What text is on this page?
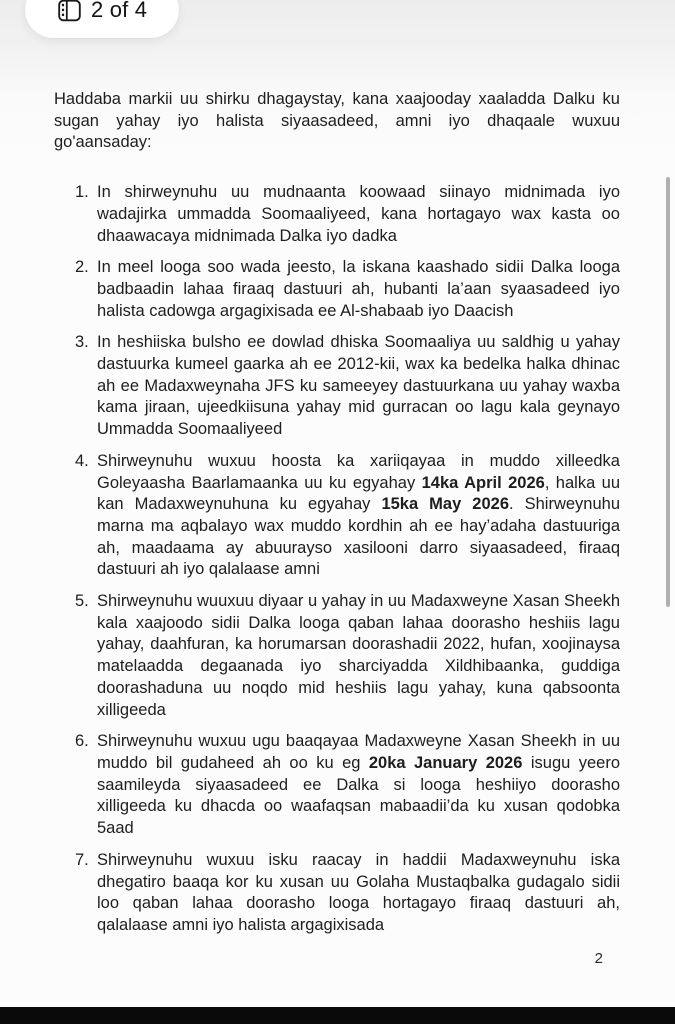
2 of 4

Haddaba markii uu shirku dhagaystay, kana xaajooday xaaladda Dalku ku sugan yahay iyo halista siyaasadeed, amni iyo dhaqaale wuxuu go'aansaday:

1. In shirweynuhu uu mudnaanta koowaad siinayo midnimada iyo wadajirka ummadda Soomaaliyeed, kana hortagayo wax kasta oo dhaawacaya midnimada Dalka iyo dadka
2. In meel looga soo wada jeesto, la iskana kaashado sidii Dalka looga badbaadin lahaa firaaq dastuuri ah, hubanti la’aan syaasadeed iyo halista cadowga argagixisada ee Al-shabaab iyo Daacish
3. In heshiiska bulsho ee dowlad dhiska Soomaaliya uu saldhig u yahay dastuurka kumeel gaarka ah ee 2012-kii, wax ka bedelka halka dhinac ah ee Madaxweynaha JFS ku sameeyey dastuurkana uu yahay waxba kama jiraan, ujeedkiisuna yahay mid gurracan oo lagu kala geynayo Ummadda Soomaaliyeed
4. Shirweynuhu wuxuu hoosta ka xariiqayaa in muddo xilleedka Goleyaasha Baarlamaanka uu ku egyahay 14ka April 2026, halka uu kan Madaxweynuhuna ku egyahay 15ka May 2026. Shirweynuhu marna ma aqbalayo wax muddo kordhin ah ee hay’adaha dastuuriga ah, maadaama ay abuurayso xasilooni darro siyaasadeed, firaaq dastuuri ah iyo qalalaase amni
5. Shirweynuhu wuuxuu diyaar u yahay in uu Madaxweyne Xasan Sheekh kala xaajoodo sidii Dalka looga qaban lahaa doorasho heshiis lagu yahay, daahfuran, ka horumarsan doorashadii 2022, hufan, xoojinaysa matelaadda degaanada iyo sharciyadda Xildhibaanka, guddiga doorashaduna uu noqdo mid heshiis lagu yahay, kuna qabsoonta xilligeeda
6. Shirweynuhu wuxuu ugu baaqayaa Madaxweyne Xasan Sheekh in uu muddo bil gudaheed ah oo ku eg 20ka January 2026 isugu yeero saamileyda siyaasadeed ee Dalka si looga heshiiyo doorasho xilligeeda ku dhacda oo waafaqsan mabaadii’da ku xusan qodobka 5aad
7. Shirweynuhu wuxuu isku raacay in haddii Madaxweynuhu iska dhegatiro baaqa kor ku xusan uu Golaha Mustaqbalka gudagalo sidii loo qaban lahaa doorasho looga hortagayo firaaq dastuuri ah, qalalaase amni iyo halista argagixisada
2
